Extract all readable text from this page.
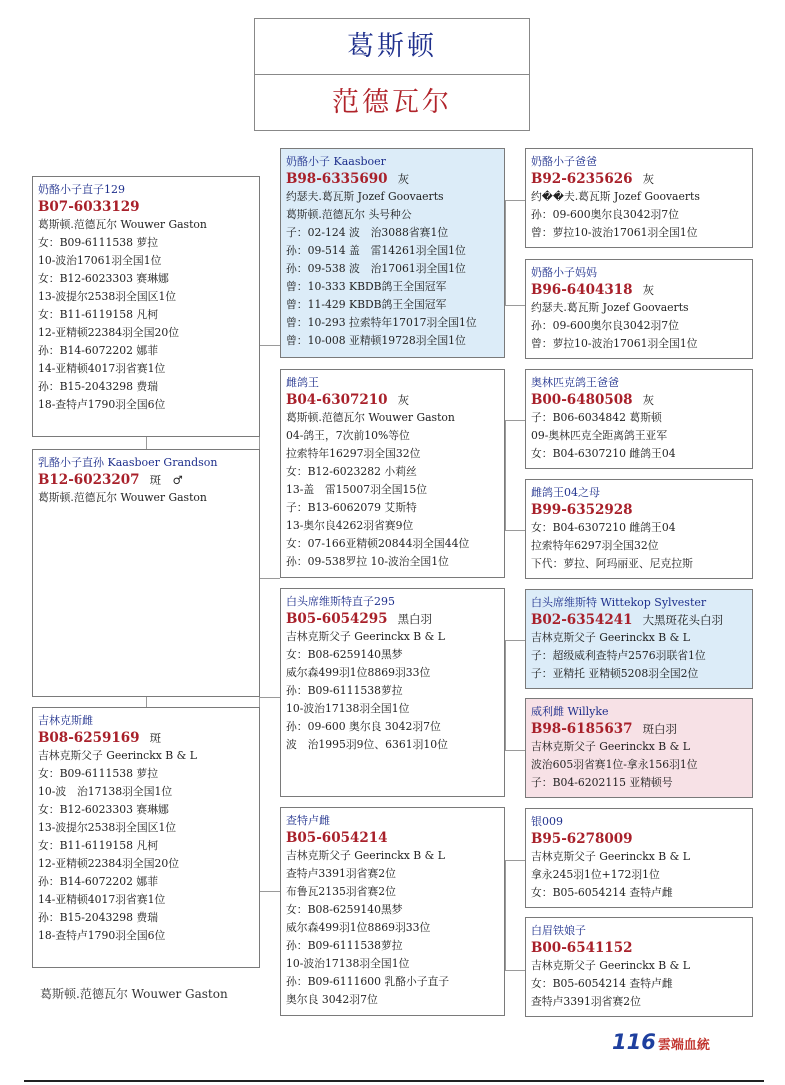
葛斯顿
范德瓦尔
奶酪小子直子129
B07-6033129
葛斯顿.范德瓦尔 Wouwer Gaston
女：B09-6111538 萝拉
10-波治17061羽全国1位
女：B12-6023303 赛琳娜
13-波提尔2538羽全国区1位
女：B11-6119158 凡柯
12-亚精顿22384羽全国20位
孙：B14-6072202 娜菲
14-亚精顿4017羽省赛1位
孙：B15-2043298 费瑞
18-查特卢1790羽全国6位
乳酪小子直孙 Kaasboer Grandson
B12-6023207 斑　♂
葛斯顿.范德瓦尔 Wouwer Gaston
吉林克斯雌
B08-6259169 斑
吉林克斯父子 Geerinckx B & L
女：B09-6111538 萝拉
10-波　治17138羽全国1位
女：B12-6023303 赛琳娜
13-波提尔2538羽全国区1位
女：B11-6119158 凡柯
12-亚精顿22384羽全国20位
孙：B14-6072202 娜菲
14-亚精顿4017羽省赛1位
孙：B15-2043298 费瑞
18-查特卢1790羽全国6位
奶酪小子 Kaasboer
B98-6335690 灰
约瑟夫.葛瓦斯 Jozef Goovaerts
葛斯顿.范德瓦尔 头号种公
子：02-124 波　治3088省赛1位
孙：09-514 盖　雷14261羽全国1位
孙：09-538 波　治17061羽全国1位
曾：10-333 KBDB鸽王全国冠军
曾：11-429 KBDB鸽王全国冠军
曾：10-293 拉索特年17017羽全国1位
曾：10-008 亚精顿19728羽全国1位
雌鸽王
B04-6307210 灰
葛斯顿.范德瓦尔 Wouwer Gaston
04-鸽王，7次前10%等位
拉索特年16297羽全国32位
女：B12-6023282 小莉丝
13-盖　雷15007羽全国15位
子：B13-6062079 艾斯特
13-奥尔良4262羽省赛9位
女：07-166亚精顿20844羽全国44位
孙：09-538罗拉 10-波治全国1位
白头席维斯特直子295
B05-6054295 黑白羽
吉林克斯父子 Geerinckx B & L
女：B08-6259140黑梦
威尔森499羽1位8869羽33位
孙：B09-6111538萝拉
10-波治17138羽全国1位
孙：09-600 奥尔良 3042羽7位
波　治1995羽9位、6361羽10位
查特卢雌
B05-6054214
吉林克斯父子 Geerinckx B & L
查特卢3391羽省赛2位
布鲁瓦2135羽省赛2位
女：B08-6259140黑梦
威尔森499羽1位8869羽33位
孙：B09-6111538萝拉
10-波治17138羽全国1位
孙：B09-6111600 乳酪小子直子
奥尔良 3042羽7位
奶酪小子爸爸
B92-6235626 灰
约��夫.葛瓦斯 Jozef Goovaerts
孙：09-600奥尔良3042羽7位
曾：萝拉10-波治17061羽全国1位
奶酪小子妈妈
B96-6404318 灰
约瑟夫.葛瓦斯 Jozef Goovaerts
孙：09-600奥尔良3042羽7位
曾：萝拉10-波治17061羽全国1位
奥林匹克鸽王爸爸
B00-6480508 灰
子：B06-6034842 葛斯顿
09-奥林匹克全距离鸽王亚军
女：B04-6307210 雌鸽王04
雌鸽王04之母
B99-6352928
女：B04-6307210 雌鸽王04
拉索特年6297羽全国32位
下代：萝拉、阿玛丽亚、尼克拉斯
白头席维斯特 Wittekop Sylvester
B02-6354241 大黑斑花头白羽
吉林克斯父子 Geerinckx B & L
子：超级威利查特卢2576羽联省1位
子：亚精托 亚精顿5208羽全国2位
威利雌 Willyke
B98-6185637 斑白羽
吉林克斯父子 Geerinckx B & L
波治605羽省赛1位-拿永156羽1位
子：B04-6202115 亚精顿号
银009
B95-6278009
吉林克斯父子 Geerinckx B & L
拿永245羽1位+172羽1位
女：B05-6054214 查特卢雌
白眉铁娘子
B00-6541152
吉林克斯父子 Geerinckx B & L
女：B05-6054214 查特卢雌
查特卢3391羽省赛2位
葛斯顿.范德瓦尔 Wouwer Gaston
116 雲端血統
